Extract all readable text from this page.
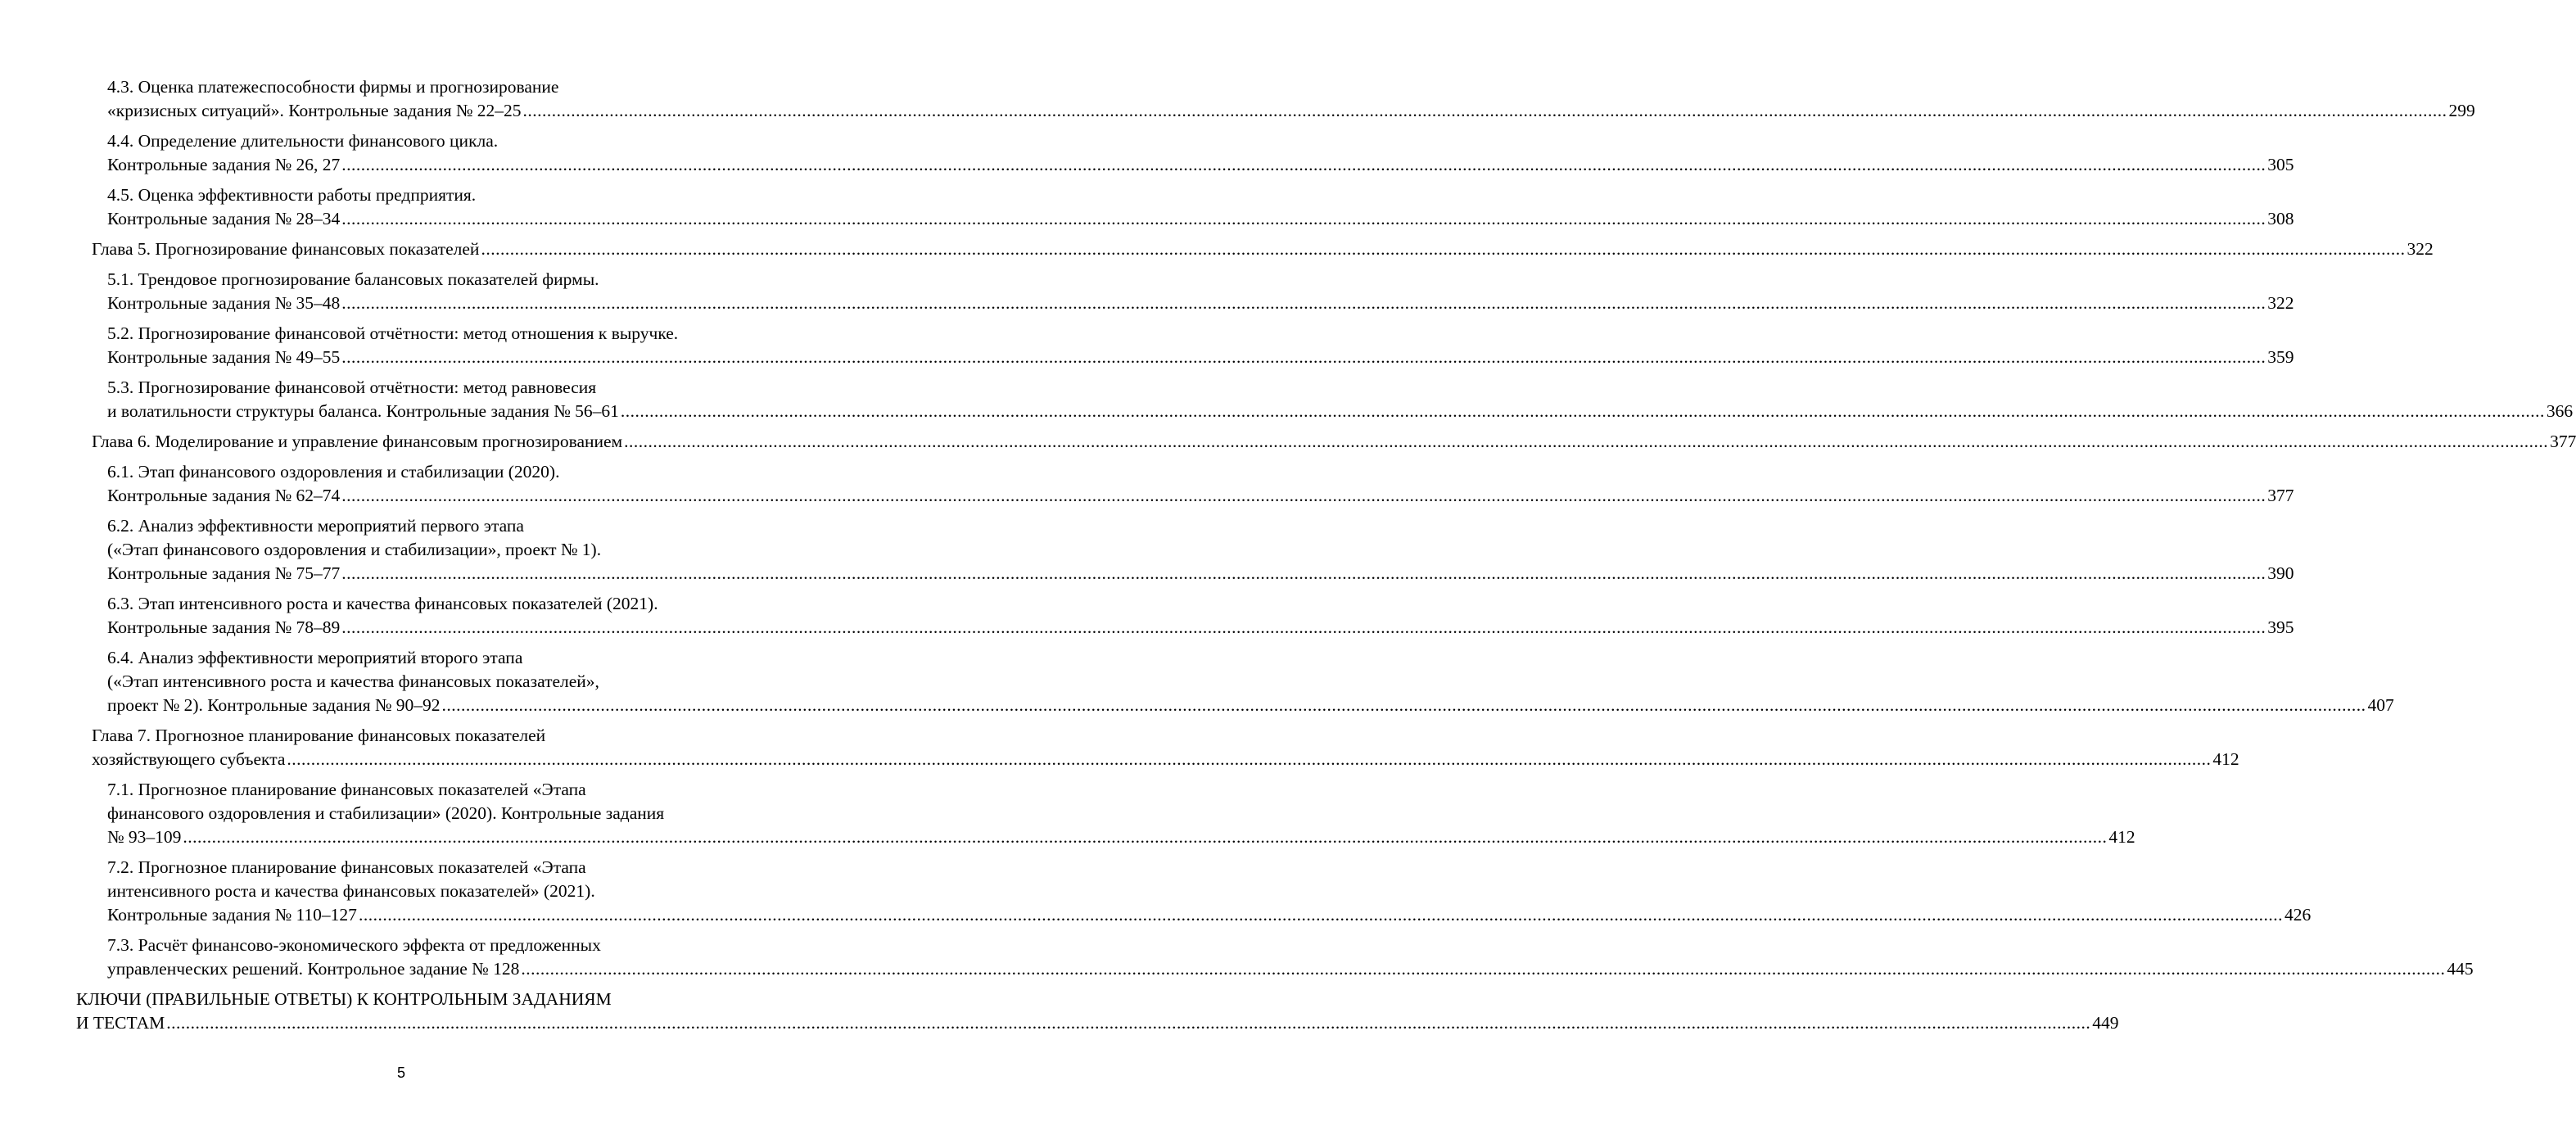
4.3. Оценка платежеспособности фирмы и прогнозирование
«кризисных ситуаций». Контрольные задания № 22–25 ................................................................................................................................................................................................................................................................................................................................................................................................................ 299
4.4. Определение длительности финансового цикла.
Контрольные задания № 26, 27 ................................................................................................................................................................................................................................................................................................................................................................................................................ 305
4.5. Оценка эффективности работы предприятия.
Контрольные задания № 28–34 ................................................................................................................................................................................................................................................................................................................................................................................................................ 308
Глава 5. Прогнозирование финансовых показателей ................................................................................................................................................................................................................................................................................................................................................................................................................ 322
5.1. Трендовое прогнозирование балансовых показателей фирмы.
Контрольные задания № 35–48 ................................................................................................................................................................................................................................................................................................................................................................................................................ 322
5.2. Прогнозирование финансовой отчётности: метод отношения к выручке.
Контрольные задания № 49–55 ................................................................................................................................................................................................................................................................................................................................................................................................................ 359
5.3. Прогнозирование финансовой отчётности: метод равновесия
и волатильности структуры баланса. Контрольные задания № 56–61 ................................................................................................................................................................................................................................................................................................................................................................................................................ 366
Глава 6. Моделирование и управление финансовым прогнозированием ................................................................................................................................................................................................................................................................................................................................................................................................................ 377
6.1. Этап финансового оздоровления и стабилизации (2020).
Контрольные задания № 62–74 ................................................................................................................................................................................................................................................................................................................................................................................................................ 377
6.2. Анализ эффективности мероприятий первого этапа
(«Этап финансового оздоровления и стабилизации», проект № 1).
Контрольные задания № 75–77 ................................................................................................................................................................................................................................................................................................................................................................................................................ 390
6.3. Этап интенсивного роста и качества финансовых показателей (2021).
Контрольные задания № 78–89 ................................................................................................................................................................................................................................................................................................................................................................................................................ 395
6.4. Анализ эффективности мероприятий второго этапа
(«Этап интенсивного роста и качества финансовых показателей»,
проект № 2). Контрольные задания № 90–92 ................................................................................................................................................................................................................................................................................................................................................................................................................ 407
Глава 7. Прогнозное планирование финансовых показателей
хозяйствующего субъекта ................................................................................................................................................................................................................................................................................................................................................................................................................ 412
7.1. Прогнозное планирование финансовых показателей «Этапа
финансового оздоровления и стабилизации» (2020). Контрольные задания
№ 93–109 ................................................................................................................................................................................................................................................................................................................................................................................................................ 412
7.2. Прогнозное планирование финансовых показателей «Этапа
интенсивного роста и качества финансовых показателей» (2021).
Контрольные задания № 110–127 ................................................................................................................................................................................................................................................................................................................................................................................................................ 426
7.3. Расчёт финансово-экономического эффекта от предложенных
управленческих решений. Контрольное задание № 128 ................................................................................................................................................................................................................................................................................................................................................................................................................ 445
КЛЮЧИ (ПРАВИЛЬНЫЕ ОТВЕТЫ) К КОНТРОЛЬНЫМ ЗАДАНИЯМ
И ТЕСТАМ ................................................................................................................................................................................................................................................................................................................................................................................................................ 449
5
